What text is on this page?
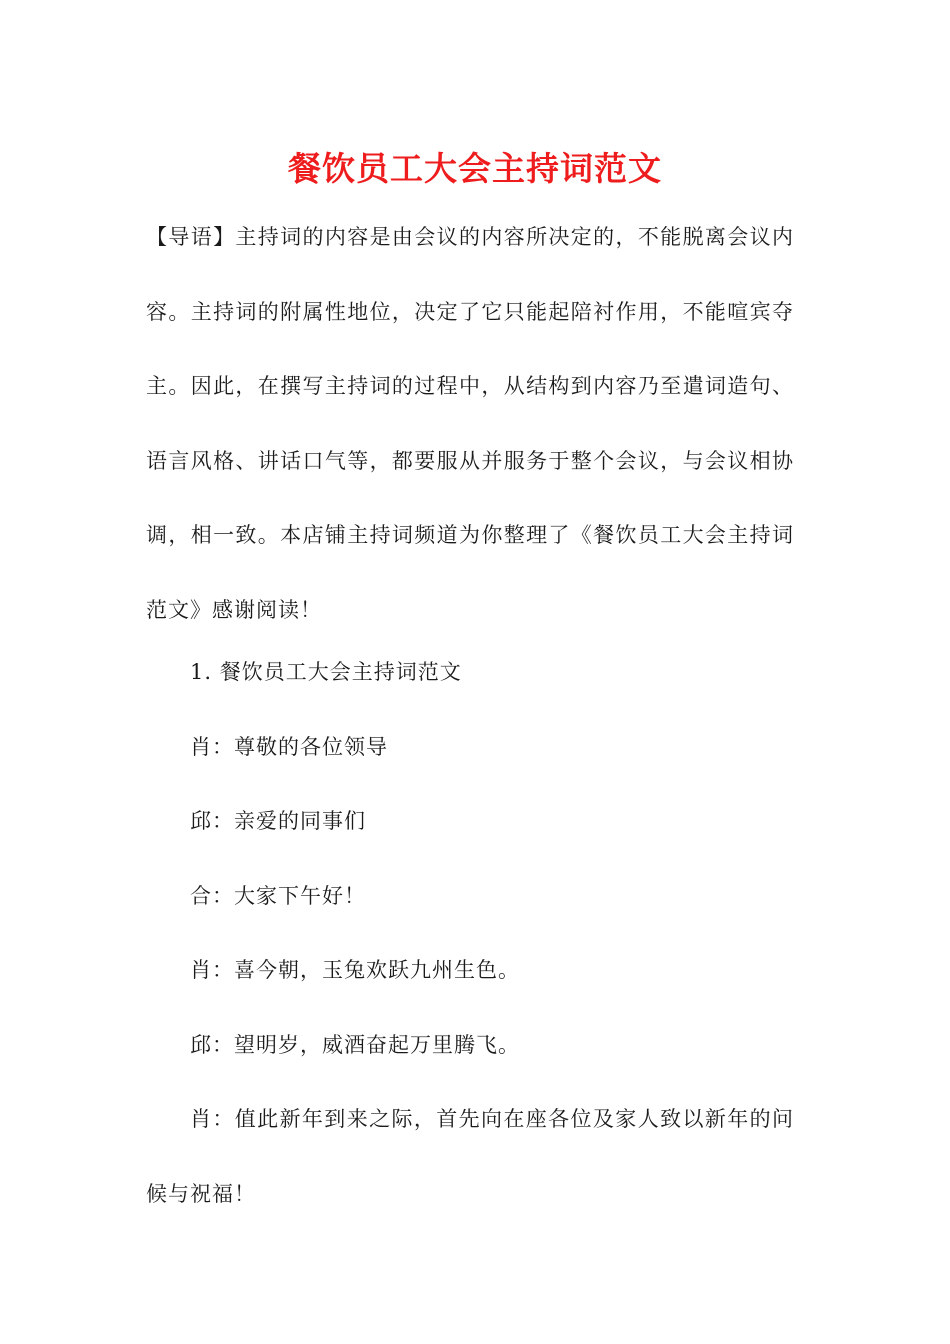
餐饮员工大会主持词范文

【导语】主持词的内容是由会议的内容所决定的，不能脱离会议内容。主持词的附属性地位，决定了它只能起陪衬作用，不能喧宾夺主。因此，在撰写主持词的过程中，从结构到内容乃至遣词造句、语言风格、讲话口气等，都要服从并服务于整个会议，与会议相协调，相一致。本店铺主持词频道为你整理了《餐饮员工大会主持词范文》感谢阅读！

1. 餐饮员工大会主持词范文

肖：尊敬的各位领导

邱：亲爱的同事们

合：大家下午好！

肖：喜今朝，玉兔欢跃九州生色。

邱：望明岁，威酒奋起万里腾飞。

肖：值此新年到来之际，首先向在座各位及家人致以新年的问候与祝福！
